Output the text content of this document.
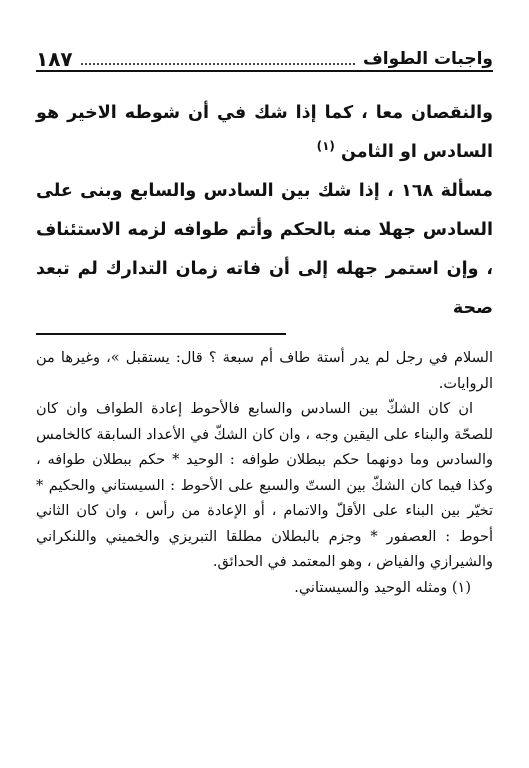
١٨٧	واجبات الطواف

والنقصان معا ، كما إذا شك في أن شوطه الاخير هو السادس او الثامن $^{(١)}$

مسألة ١٦٨ ، إذا شك بين السادس والسابع وبنى على السادس جهلا منه بالحكم وأتم طوافه لزمه الاستئناف ، وإن استمر جهله إلى أن فاته زمان التدارك لم تبعد صحة

السلام في رجل لم يدر أستة طاف أم سبعة ؟ قال: يستقبل »، وغيرها من الروايات.

ان كان الشكّ بين السادس والسابع فالأحوط إعادة الطواف وان كان للصحّة والبناء على اليقين وجه ، وان كان الشكّ في الأعداد السابقة كالخامس والسادس وما دونهما حكم ببطلان طوافه : الوحيد * حكم ببطلان طوافه ، وكذا فيما كان الشكّ بين الستّ والسبع على الأحوط : السيستاني والحكيم * تخيّر بين البناء على الأقلّ والاتمام ، أو الإعادة من رأس ، وان كان الثاني أحوط : العصفور * وجزم بالبطلان مطلقا التبريزي والخميني واللنكراني والشيرازي والفياض ، وهو المعتمد في الحدائق.

(١) ومثله الوحيد والسيستاني.
